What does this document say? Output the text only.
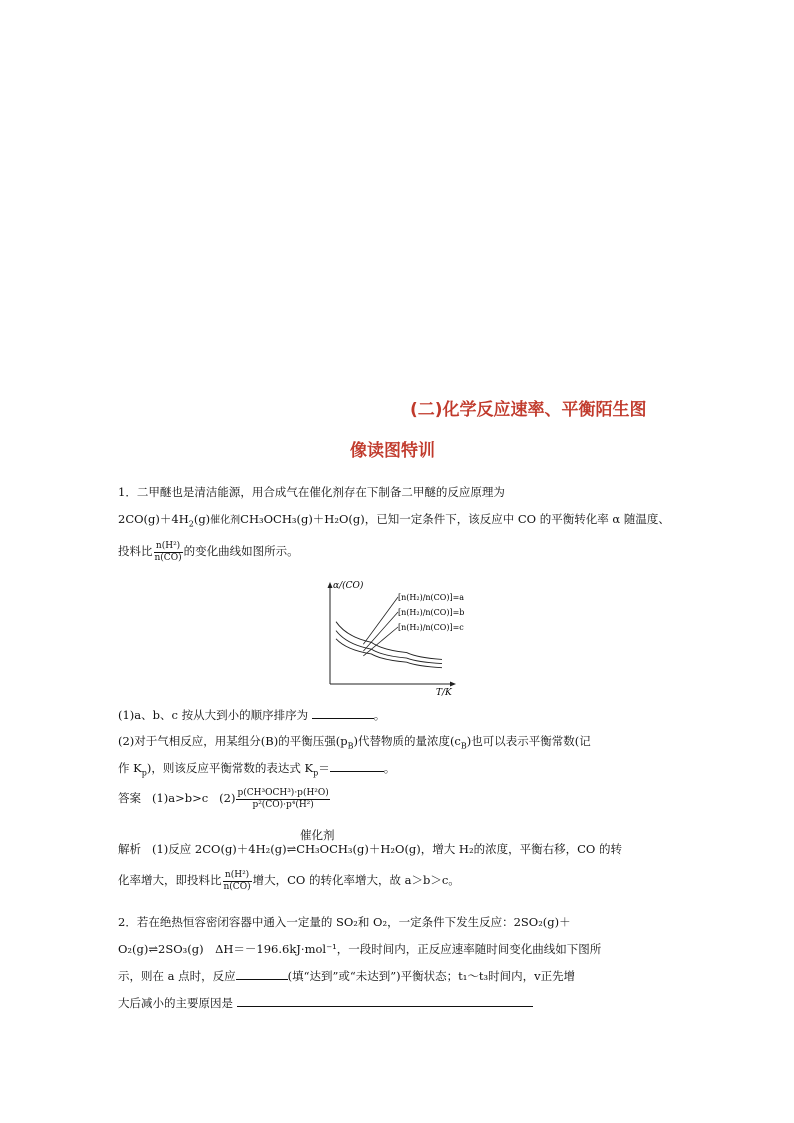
(二)化学反应速率、平衡陌生图
像读图特训
1．二甲醚也是清洁能源，用合成气在催化剂存在下制备二甲醚的反应原理为
$2CO(g)+4H_2(g)$催化剂CH₃OCH₃(g)＋H₂O(g)，已知一定条件下，该反应中 CO 的平衡转化率 α 随温度、
投料比 $\frac{\text{n(H²)}}{n(CO)}$ 的变化曲线如图所示。
α/(CO)
T/K
[n(H₂)/n(CO)]=a
[n(H₂)/n(CO)]=b
[n(H₂)/n(CO)]=c
(1)a、b、c 按从大到小的顺序排序为	。
(2)对于气相反应，用某组分(B)的平衡压强$(p_B)$代替物质的量浓度$(c_B)$也可以表示平衡常数(记
作 $K_p$)，则该反应平衡常数的表达式 $K_p=$	。
答案 (1)a>b>c $(2) \frac{\text{p(CH³OCH³)·p(H²O)}}{\text{p²(CO)·p⁴(H²)}}$
催化剂
解析 (1)反应 2CO(g)＋4H₂(g)⇌CH₃OCH₃(g)＋H₂O(g)，增大 H₂的浓度，平衡右移，CO 的转
化率增大，即投料比 $\frac{\text{n(H²)}}{n(CO)}$ 增大，CO 的转化率增大，故 a＞b＞c。
2．若在绝热恒容密闭容器中通入一定量的 SO₂和 O₂，一定条件下发生反应：2SO₂(g)＋
O₂(g)⇌2SO₃(g)　ΔH＝－196.6kJ·mol⁻¹，一段时间内，正反应速率随时间变化曲线如下图所
示，则在 a 点时，反应	(填“达到”或“未达到”)平衡状态；t₁～t₃时间内，v正先增
大后减小的主要原因是
